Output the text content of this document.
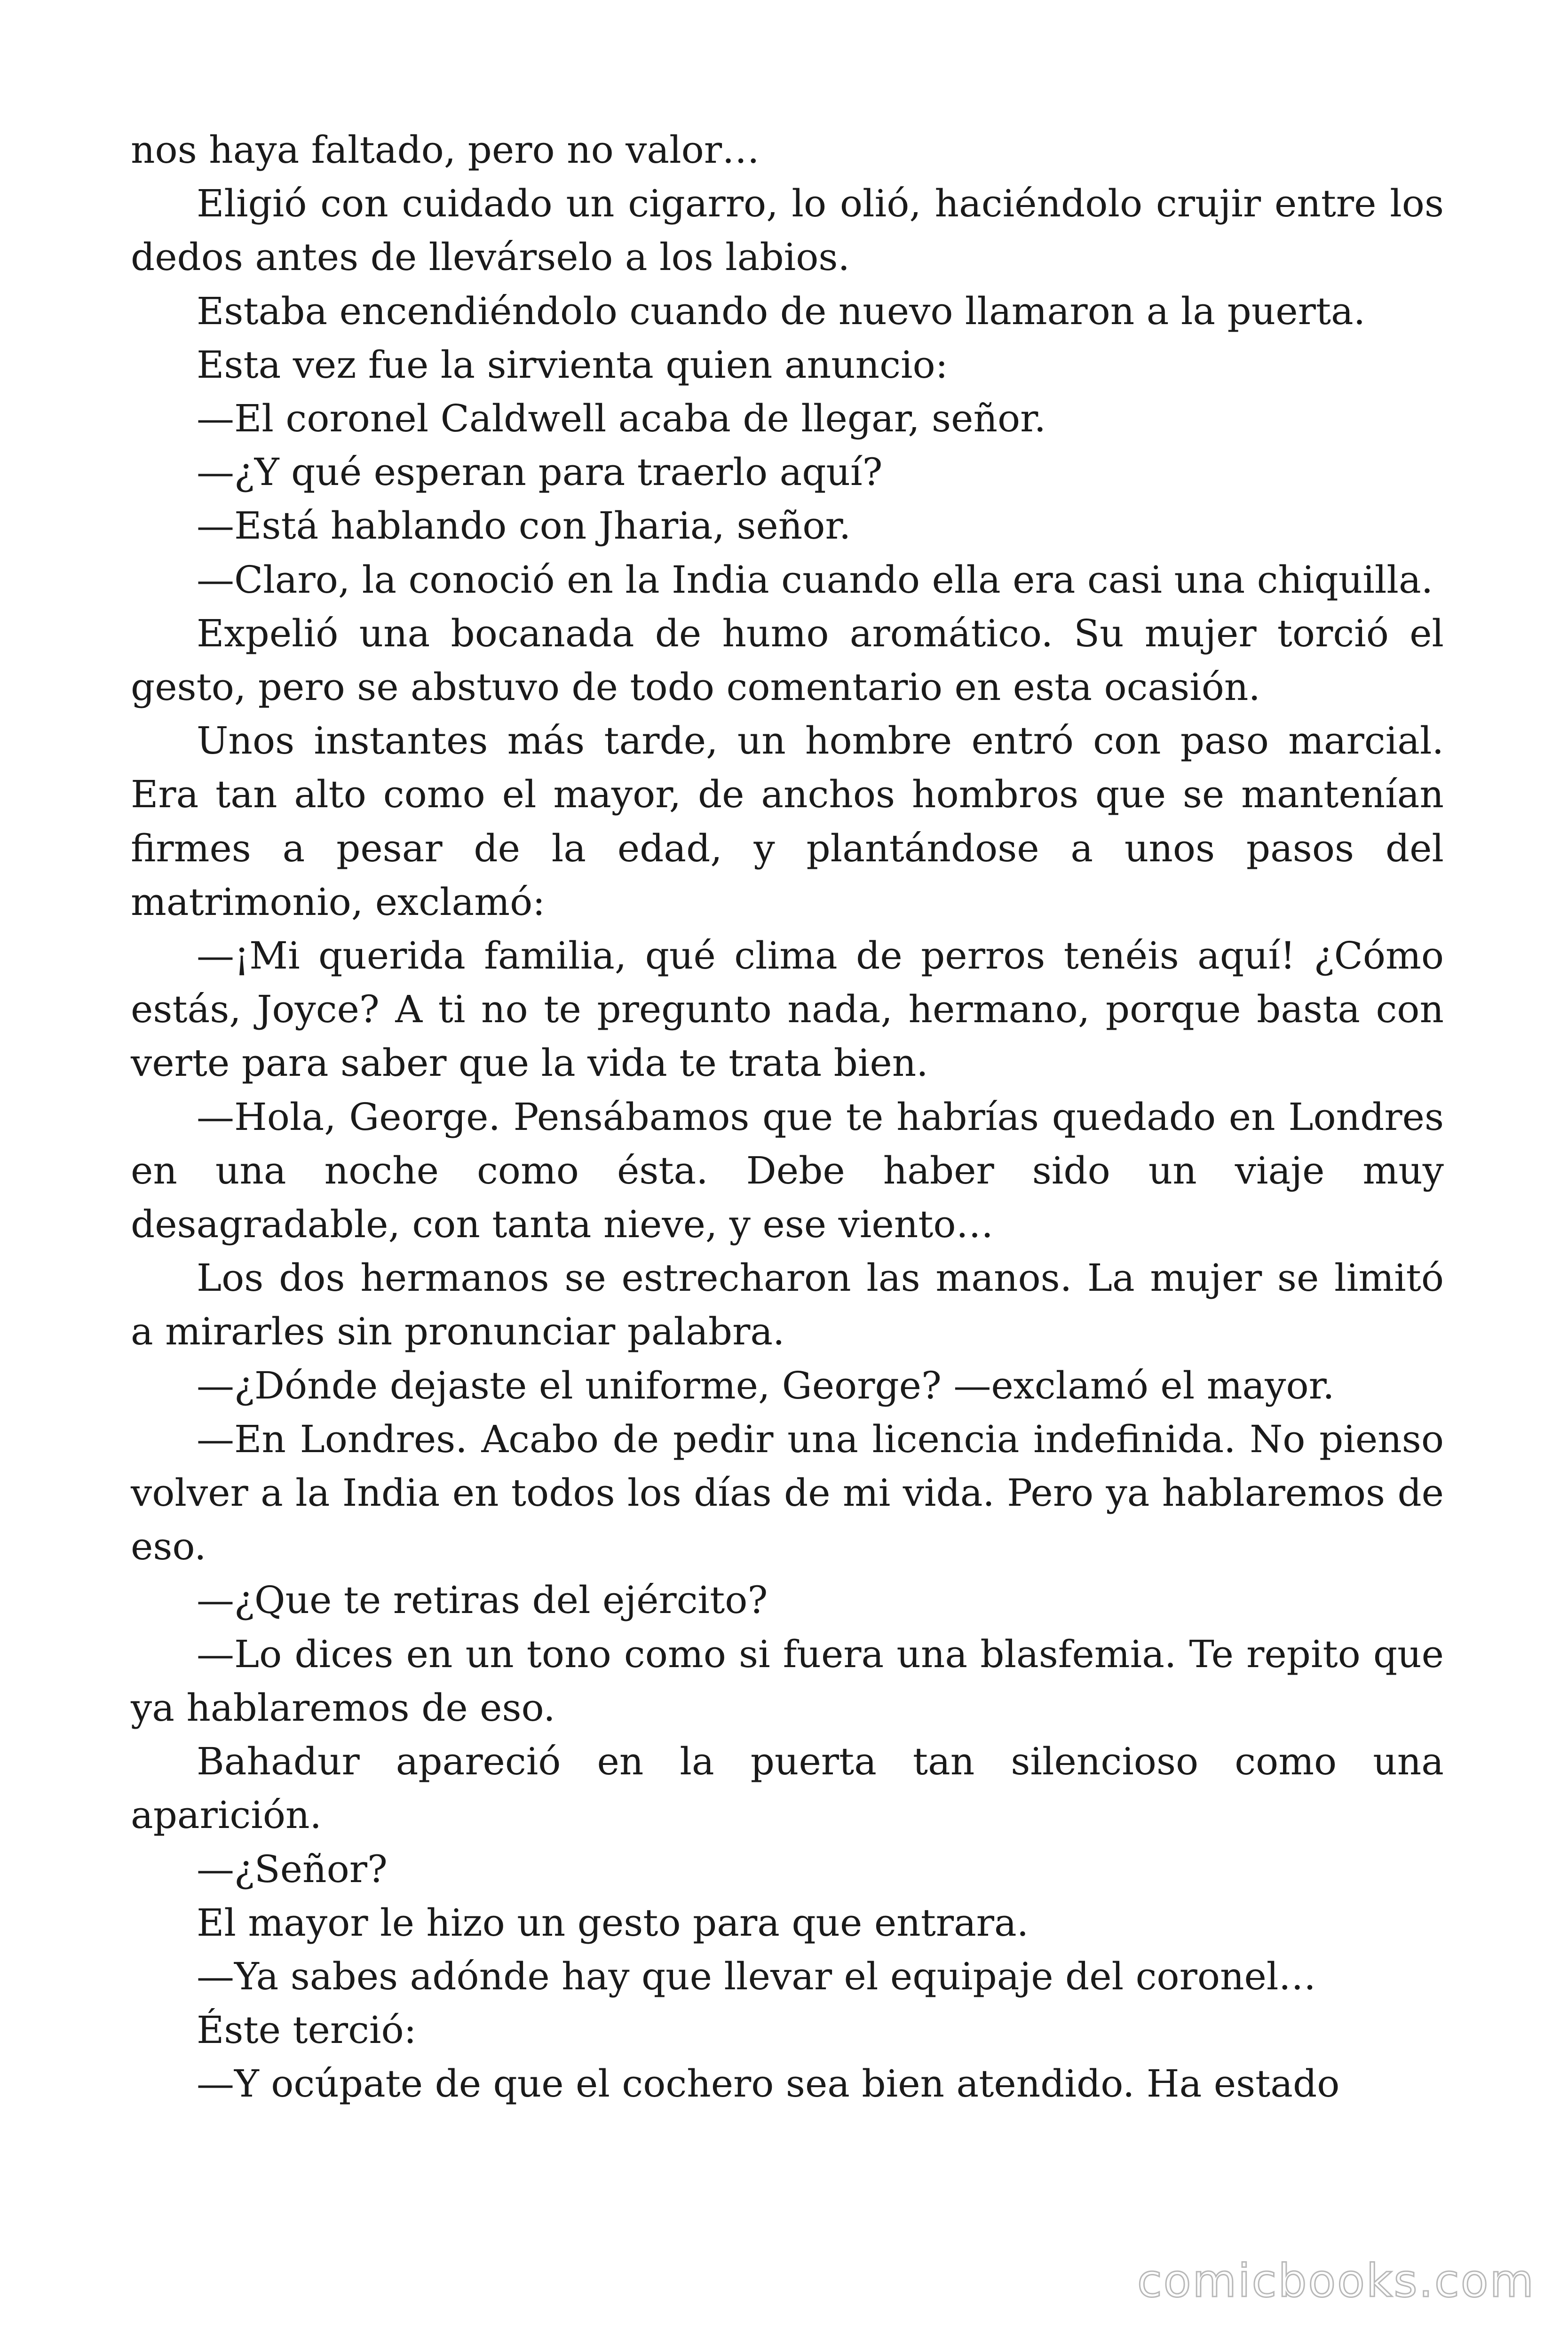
nos haya faltado, pero no valor…

Eligió con cuidado un cigarro, lo olió, haciéndolo crujir entre los dedos antes de llevárselo a los labios.

Estaba encendiéndolo cuando de nuevo llamaron a la puerta.

Esta vez fue la sirvienta quien anuncio:

—El coronel Caldwell acaba de llegar, señor.

—¿Y qué esperan para traerlo aquí?

—Está hablando con Jharia, señor.

—Claro, la conoció en la India cuando ella era casi una chiquilla.

Expelió una bocanada de humo aromático. Su mujer torció el gesto, pero se abstuvo de todo comentario en esta ocasión.

Unos instantes más tarde, un hombre entró con paso marcial. Era tan alto como el mayor, de anchos hombros que se mantenían firmes a pesar de la edad, y plantándose a unos pasos del matrimonio, exclamó:

—¡Mi querida familia, qué clima de perros tenéis aquí! ¿Cómo estás, Joyce? A ti no te pregunto nada, hermano, porque basta con verte para saber que la vida te trata bien.

—Hola, George. Pensábamos que te habrías quedado en Londres en una noche como ésta. Debe haber sido un viaje muy desagradable, con tanta nieve, y ese viento…

Los dos hermanos se estrecharon las manos. La mujer se limitó a mirarles sin pronunciar palabra.

—¿Dónde dejaste el uniforme, George? —exclamó el mayor.

—En Londres. Acabo de pedir una licencia indefinida. No pienso volver a la India en todos los días de mi vida. Pero ya hablaremos de eso.

—¿Que te retiras del ejército?

—Lo dices en un tono como si fuera una blasfemia. Te repito que ya hablaremos de eso.

Bahadur apareció en la puerta tan silencioso como una aparición.

—¿Señor?

El mayor le hizo un gesto para que entrara.

—Ya sabes adónde hay que llevar el equipaje del coronel…

Éste terció:

—Y ocúpate de que el cochero sea bien atendido. Ha estado

comicbooks.com
